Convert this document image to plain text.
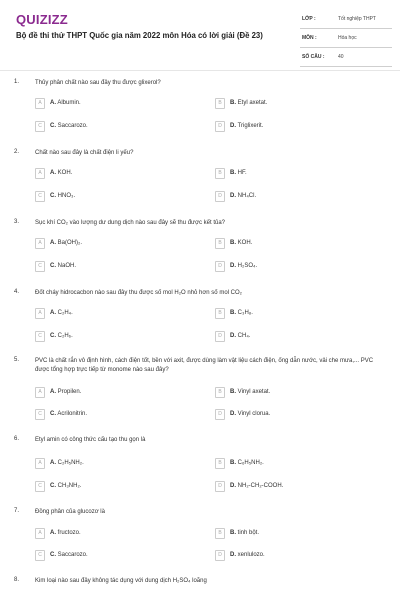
QUIZIZZ
Bộ đề thi thử THPT Quốc gia năm 2022 môn Hóa có lời giải (Đề 23)
LỚP :	Tốt nghiệp THPT
MÔN :	Hóa học
SỐ CÂU :	40
1.	Thủy phân chất nào sau đây thu được glixerol?
A	A. Albumin.	B	B. Etyl axetat.
C	C. Saccarozo.	D	D. Triglixerit.
2.	Chất nào sau đây là chất điện li yếu?
A	A. KOH.	B	B. HF.
C	C. HNO₃.	D	D. NH₄Cl.
3.	Sục khí CO₂ vào lượng dư dung dịch nào sau đây sẽ thu được kết tủa?
A	A. Ba(OH)₂.	B	B. KOH.
C	C. NaOH.	D	D. H₂SO₄.
4.	Đốt cháy hidrocacbon nào sau đây thu được số mol H₂O nhỏ hơn số mol CO₂
A	A. C₂H₄.	B	B. C₃H₈.
C	C. C₂H₆.	D	D. CH₄.
5.	PVC là chất rắn vô định hình, cách điện tốt, bền với axit, được dùng làm vật liệu cách điện, ống dẫn nước, vải che mưa,... PVC được tổng hợp trực tiếp từ monome nào sau đây?
A	A. Propilen.	B	B. Vinyl axetat.
C	C. Acrilonitrin.	D	D. Vinyl clorua.
6.	Etyl amin có công thức cấu tạo thu gọn là
A	A. C₂H₅NH₂.	B	B. C₆H₅NH₂.
C	C. CH₃NH₂.	D	D. NH₂-CH₂-COOH.
7.	Đồng phân của glucozơ là
A	A. fructozo.	B	B. tinh bột.
C	C. Saccarozo.	D	D. xenlulozo.
8.	Kim loại nào sau đây không tác dụng với dung dịch H₂SO₄ loãng
